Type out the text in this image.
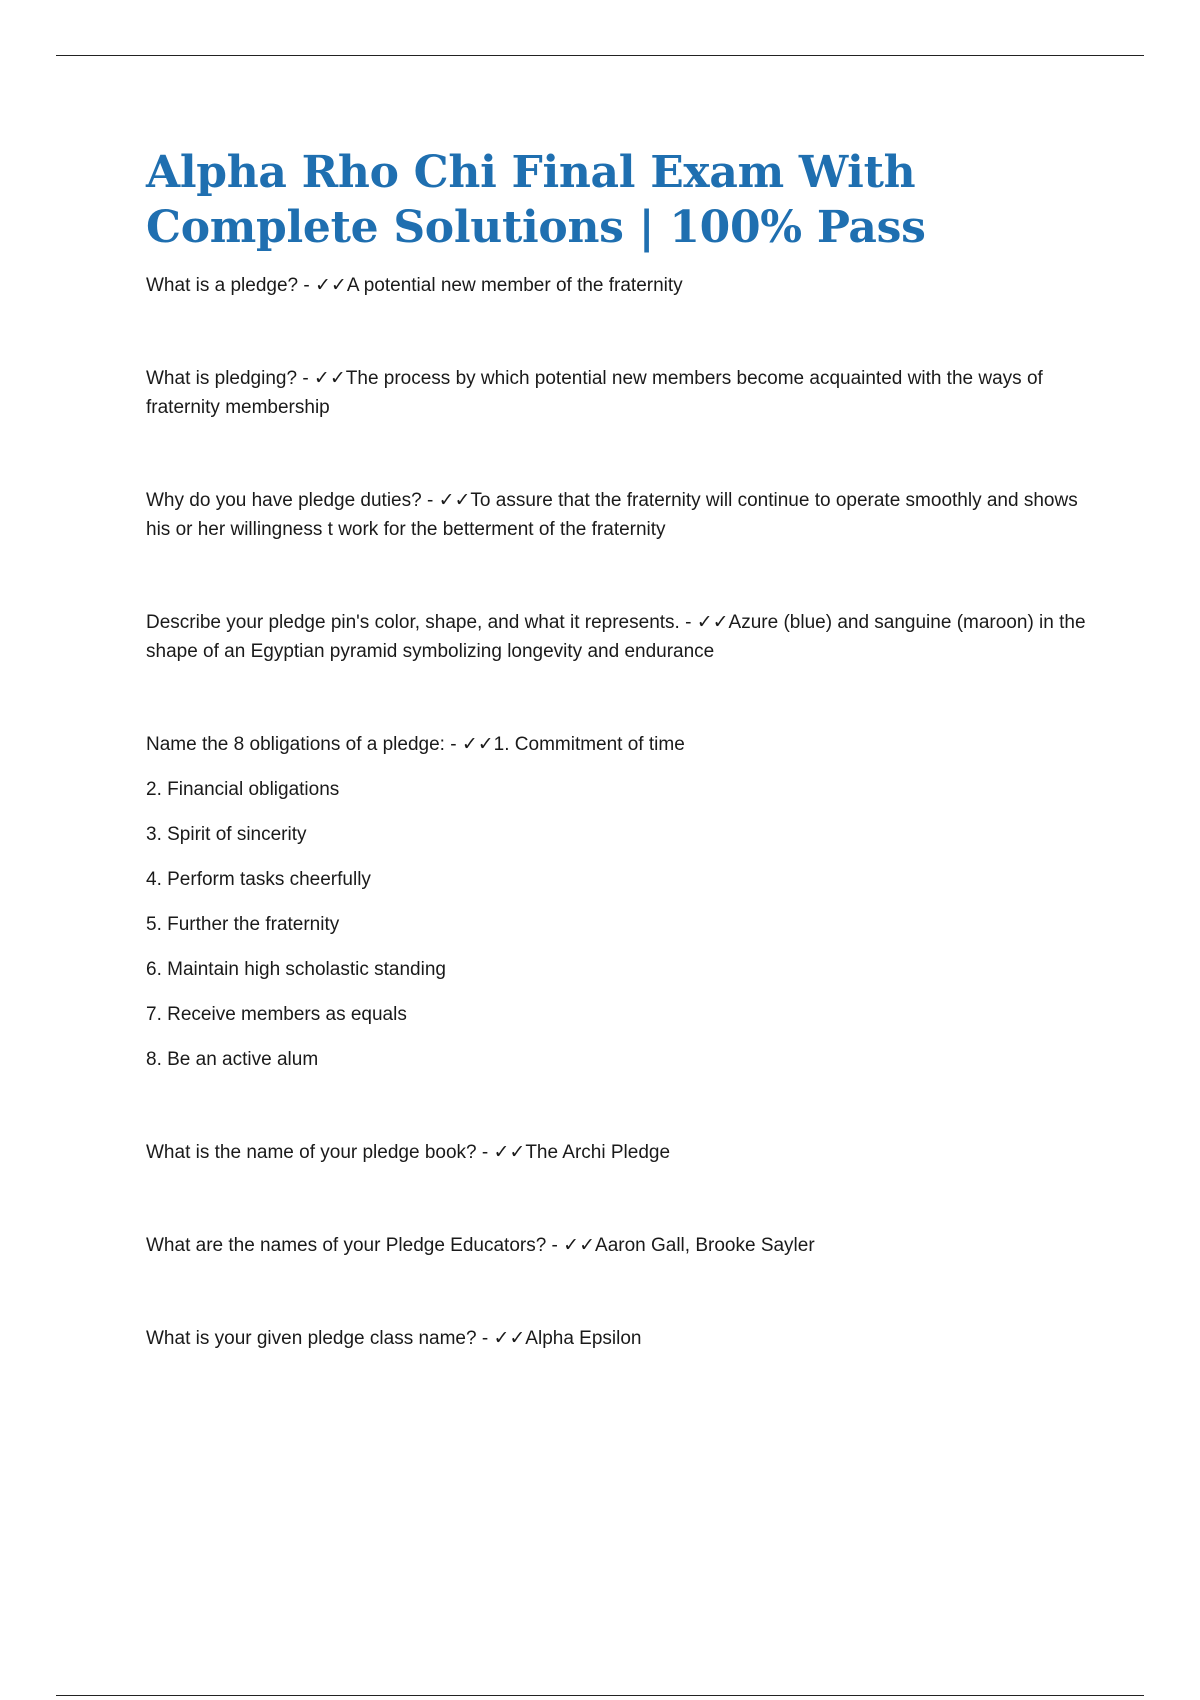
Alpha Rho Chi Final Exam With Complete Solutions | 100% Pass

What is a pledge? - ✓✓A potential new member of the fraternity

What is pledging? - ✓✓The process by which potential new members become acquainted with the ways of fraternity membership

Why do you have pledge duties? - ✓✓To assure that the fraternity will continue to operate smoothly and shows his or her willingness t work for the betterment of the fraternity

Describe your pledge pin's color, shape, and what it represents. - ✓✓Azure (blue) and sanguine (maroon) in the shape of an Egyptian pyramid symbolizing longevity and endurance

Name the 8 obligations of a pledge: - ✓✓1. Commitment of time

2. Financial obligations
3. Spirit of sincerity
4. Perform tasks cheerfully
5. Further the fraternity
6. Maintain high scholastic standing
7. Receive members as equals
8. Be an active alum

What is the name of your pledge book? - ✓✓The Archi Pledge

What are the names of your Pledge Educators? - ✓✓Aaron Gall, Brooke Sayler

What is your given pledge class name? - ✓✓Alpha Epsilon
